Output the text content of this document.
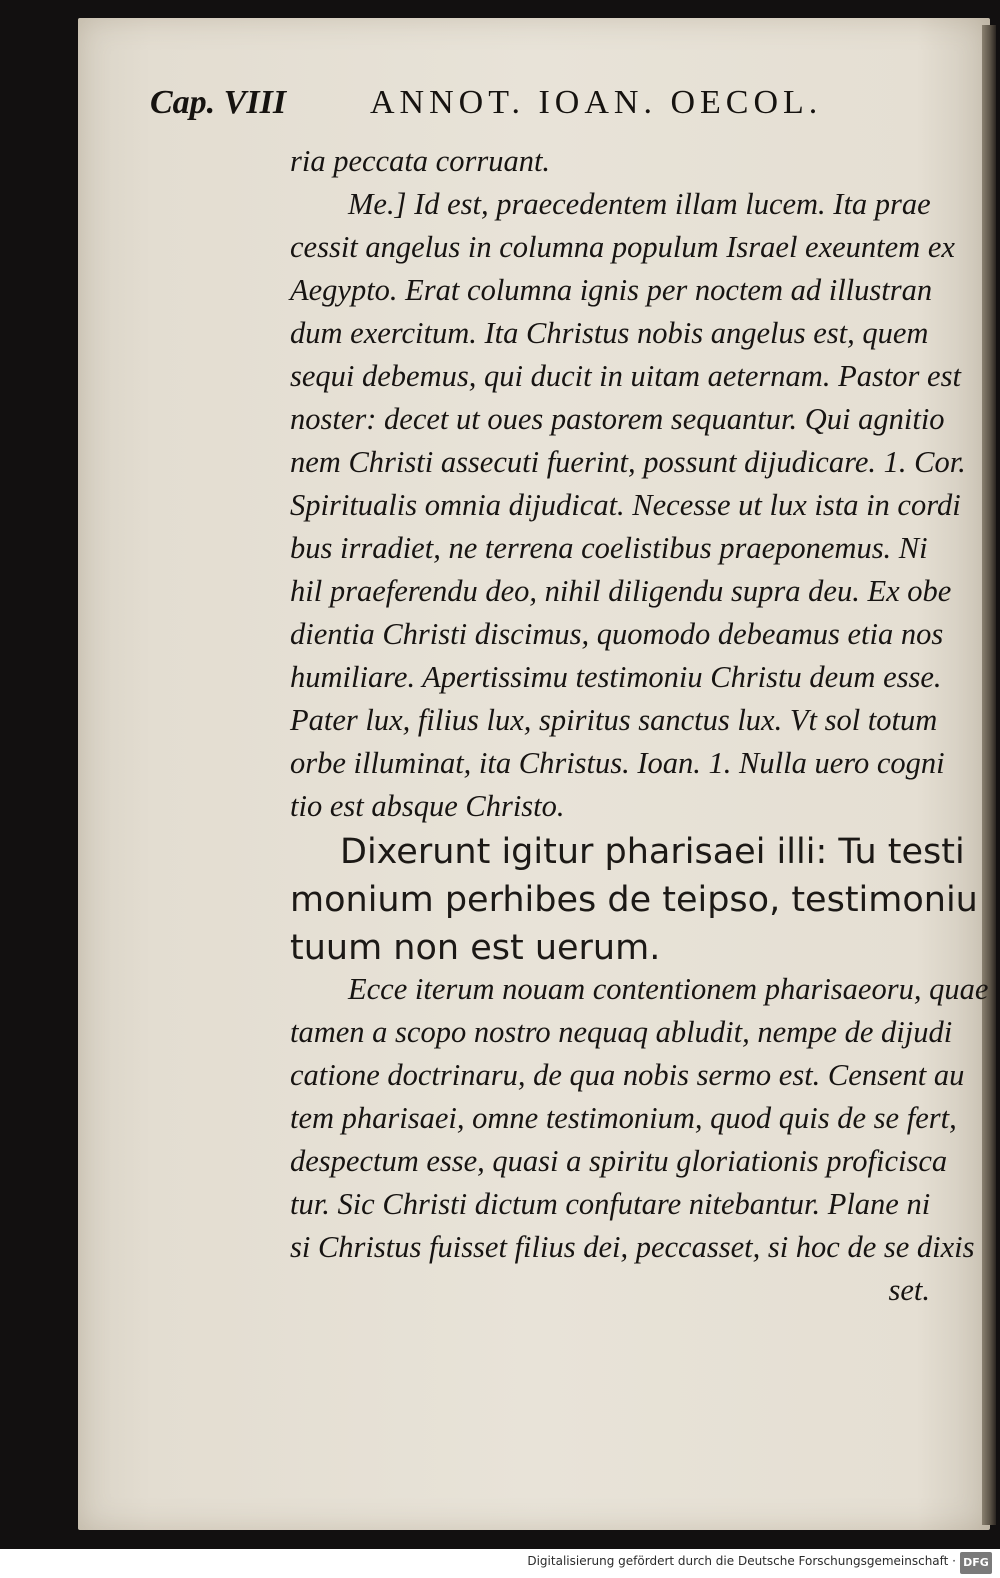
Cap. VIII ANNOT. IOAN. OECOL.
ria peccata corruant.
Me.] Id est, praecedentem illam lucem. Ita prae
cessit angelus in columna populum Israel exeuntem ex
Aegypto. Erat columna ignis per noctem ad illustran
dum exercitum. Ita Christus nobis angelus est, quem
sequi debemus, qui ducit in uitam aeternam. Pastor est
noster: decet ut oues pastorem sequantur. Qui agnitio
nem Christi assecuti fuerint, possunt dijudicare. 1. Cor.
Spiritualis omnia dijudicat. Necesse ut lux ista in cordi
bus irradiet, ne terrena coelistibus praeponemus. Ni
hil praeferendu deo, nihil diligendu supra deu. Ex obe
dientia Christi discimus, quomodo debeamus etia nos
humiliare. Apertissimu testimoniu Christu deum esse.
Pater lux, filius lux, spiritus sanctus lux. Vt sol totum
orbe illuminat, ita Christus. Ioan. 1. Nulla uero cogni
tio est absque Christo.
Dixerunt igitur pharisaei illi: Tu testi
monium perhibes de teipso, testimoniu
tuum non est uerum.
Ecce iterum nouam contentionem pharisaeoru, quae
tamen a scopo nostro nequaq abludit, nempe de dijudi
catione doctrinaru, de qua nobis sermo est. Censent au
tem pharisaei, omne testimonium, quod quis de se fert,
despectum esse, quasi a spiritu gloriationis proficisca
tur. Sic Christi dictum confutare nitebantur. Plane ni
si Christus fuisset filius dei, peccasset, si hoc de se dixis
set.
Digitalisierung gefördert durch die Deutsche Forschungsgemeinschaft · DFG
